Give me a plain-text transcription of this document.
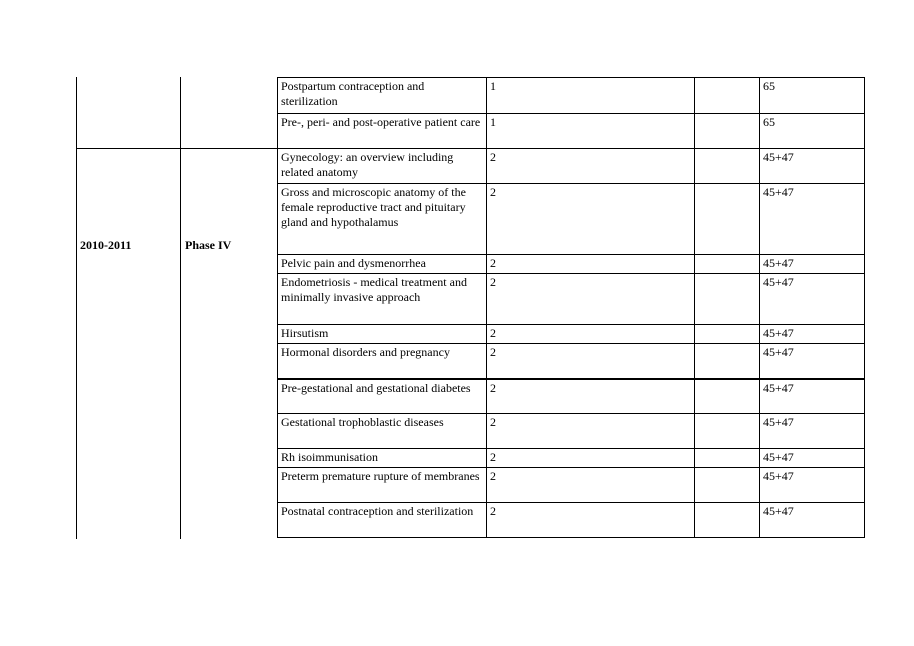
2010-2011	Phase IV
Postpartum contraception and sterilization	1		65
Pre-, peri- and post-operative patient care	1		65
Gynecology: an overview including related anatomy	2		45+47
Gross and microscopic anatomy of the female reproductive tract and pituitary gland and hypothalamus	2		45+47
Pelvic pain and dysmenorrhea	2		45+47
Endometriosis - medical treatment and minimally invasive approach	2		45+47
Hirsutism	2		45+47
Hormonal disorders and pregnancy	2		45+47
Pre-gestational and gestational diabetes	2		45+47
Gestational trophoblastic diseases	2		45+47
Rh isoimmunisation	2		45+47
Preterm premature rupture of membranes	2		45+47
Postnatal contraception and sterilization	2		45+47
